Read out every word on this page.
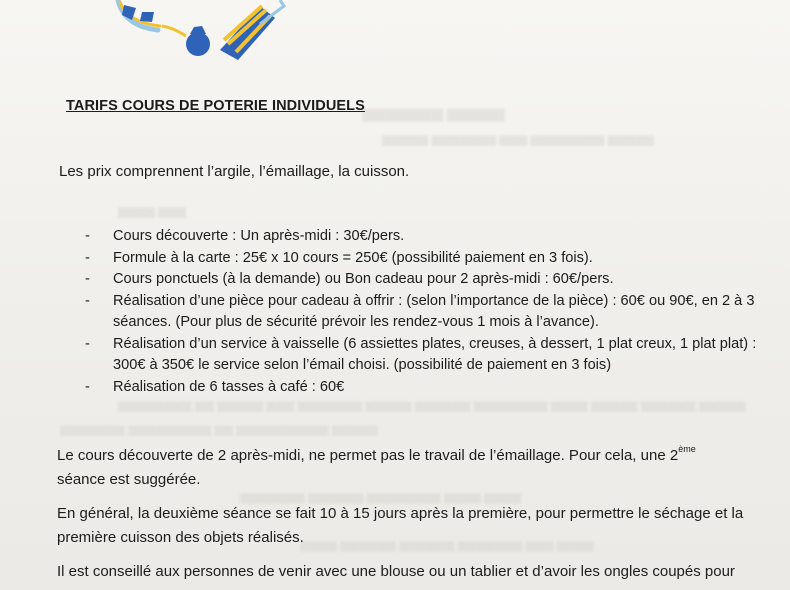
▆▆▆▆▆▆▆ ▆▆▆▆▆
▆▆▆▆▆ ▆▆▆▆▆▆▆ ▆▆▆ ▆▆▆▆▆▆▆▆ ▆▆▆▆▆
▆▆▆▆ ▆▆▆
▆▆▆▆▆▆▆▆ ▆▆ ▆▆▆▆▆ ▆▆▆ ▆▆▆▆▆▆▆ ▆▆▆▆▆ ▆▆▆▆▆▆ ▆▆▆▆▆▆▆▆ ▆▆▆▆ ▆▆▆▆▆ ▆▆▆▆▆▆ ▆▆▆▆▆
▆▆▆▆▆▆▆ ▆▆▆▆▆▆▆▆▆ ▆▆ ▆▆▆▆▆▆▆▆▆▆ ▆▆▆▆▆
▆▆▆▆▆▆▆ ▆▆▆▆▆▆ ▆▆▆▆▆▆▆▆ ▆▆▆▆ ▆▆▆▆
▆▆▆▆ ▆▆▆▆▆▆ ▆▆▆▆▆▆ ▆▆▆▆▆▆▆ ▆▆▆ ▆▆▆▆
TARIFS COURS DE POTERIE INDIVIDUELS
Les prix comprennent l’argile, l’émaillage, la cuisson.
- Cours découverte : Un après-midi : 30€/pers.
- Formule à la carte : 25€ x 10 cours = 250€ (possibilité paiement en 3 fois).
- Cours ponctuels (à la demande) ou Bon cadeau pour 2 après-midi : 60€/pers.
- Réalisation d’une pièce pour cadeau à offrir : (selon l’importance de la pièce) : 60€ ou 90€, en 2 à 3 séances. (Pour plus de sécurité prévoir les rendez-vous 1 mois à l’avance).
- Réalisation d’un service à vaisselle (6 assiettes plates, creuses, à dessert, 1 plat creux, 1 plat plat) : 300€ à 350€ le service selon l’émail choisi. (possibilité de paiement en 3 fois)
- Réalisation de 6 tasses à café : 60€
Le cours découverte de 2 après-midi, ne permet pas le travail de l’émaillage. Pour cela, une 2ème
séance est suggérée.
En général, la deuxième séance se fait 10 à 15 jours après la première, pour permettre le séchage et la première cuisson des objets réalisés.
Il est conseillé aux personnes de venir avec une blouse ou un tablier et d’avoir les ongles coupés pour
